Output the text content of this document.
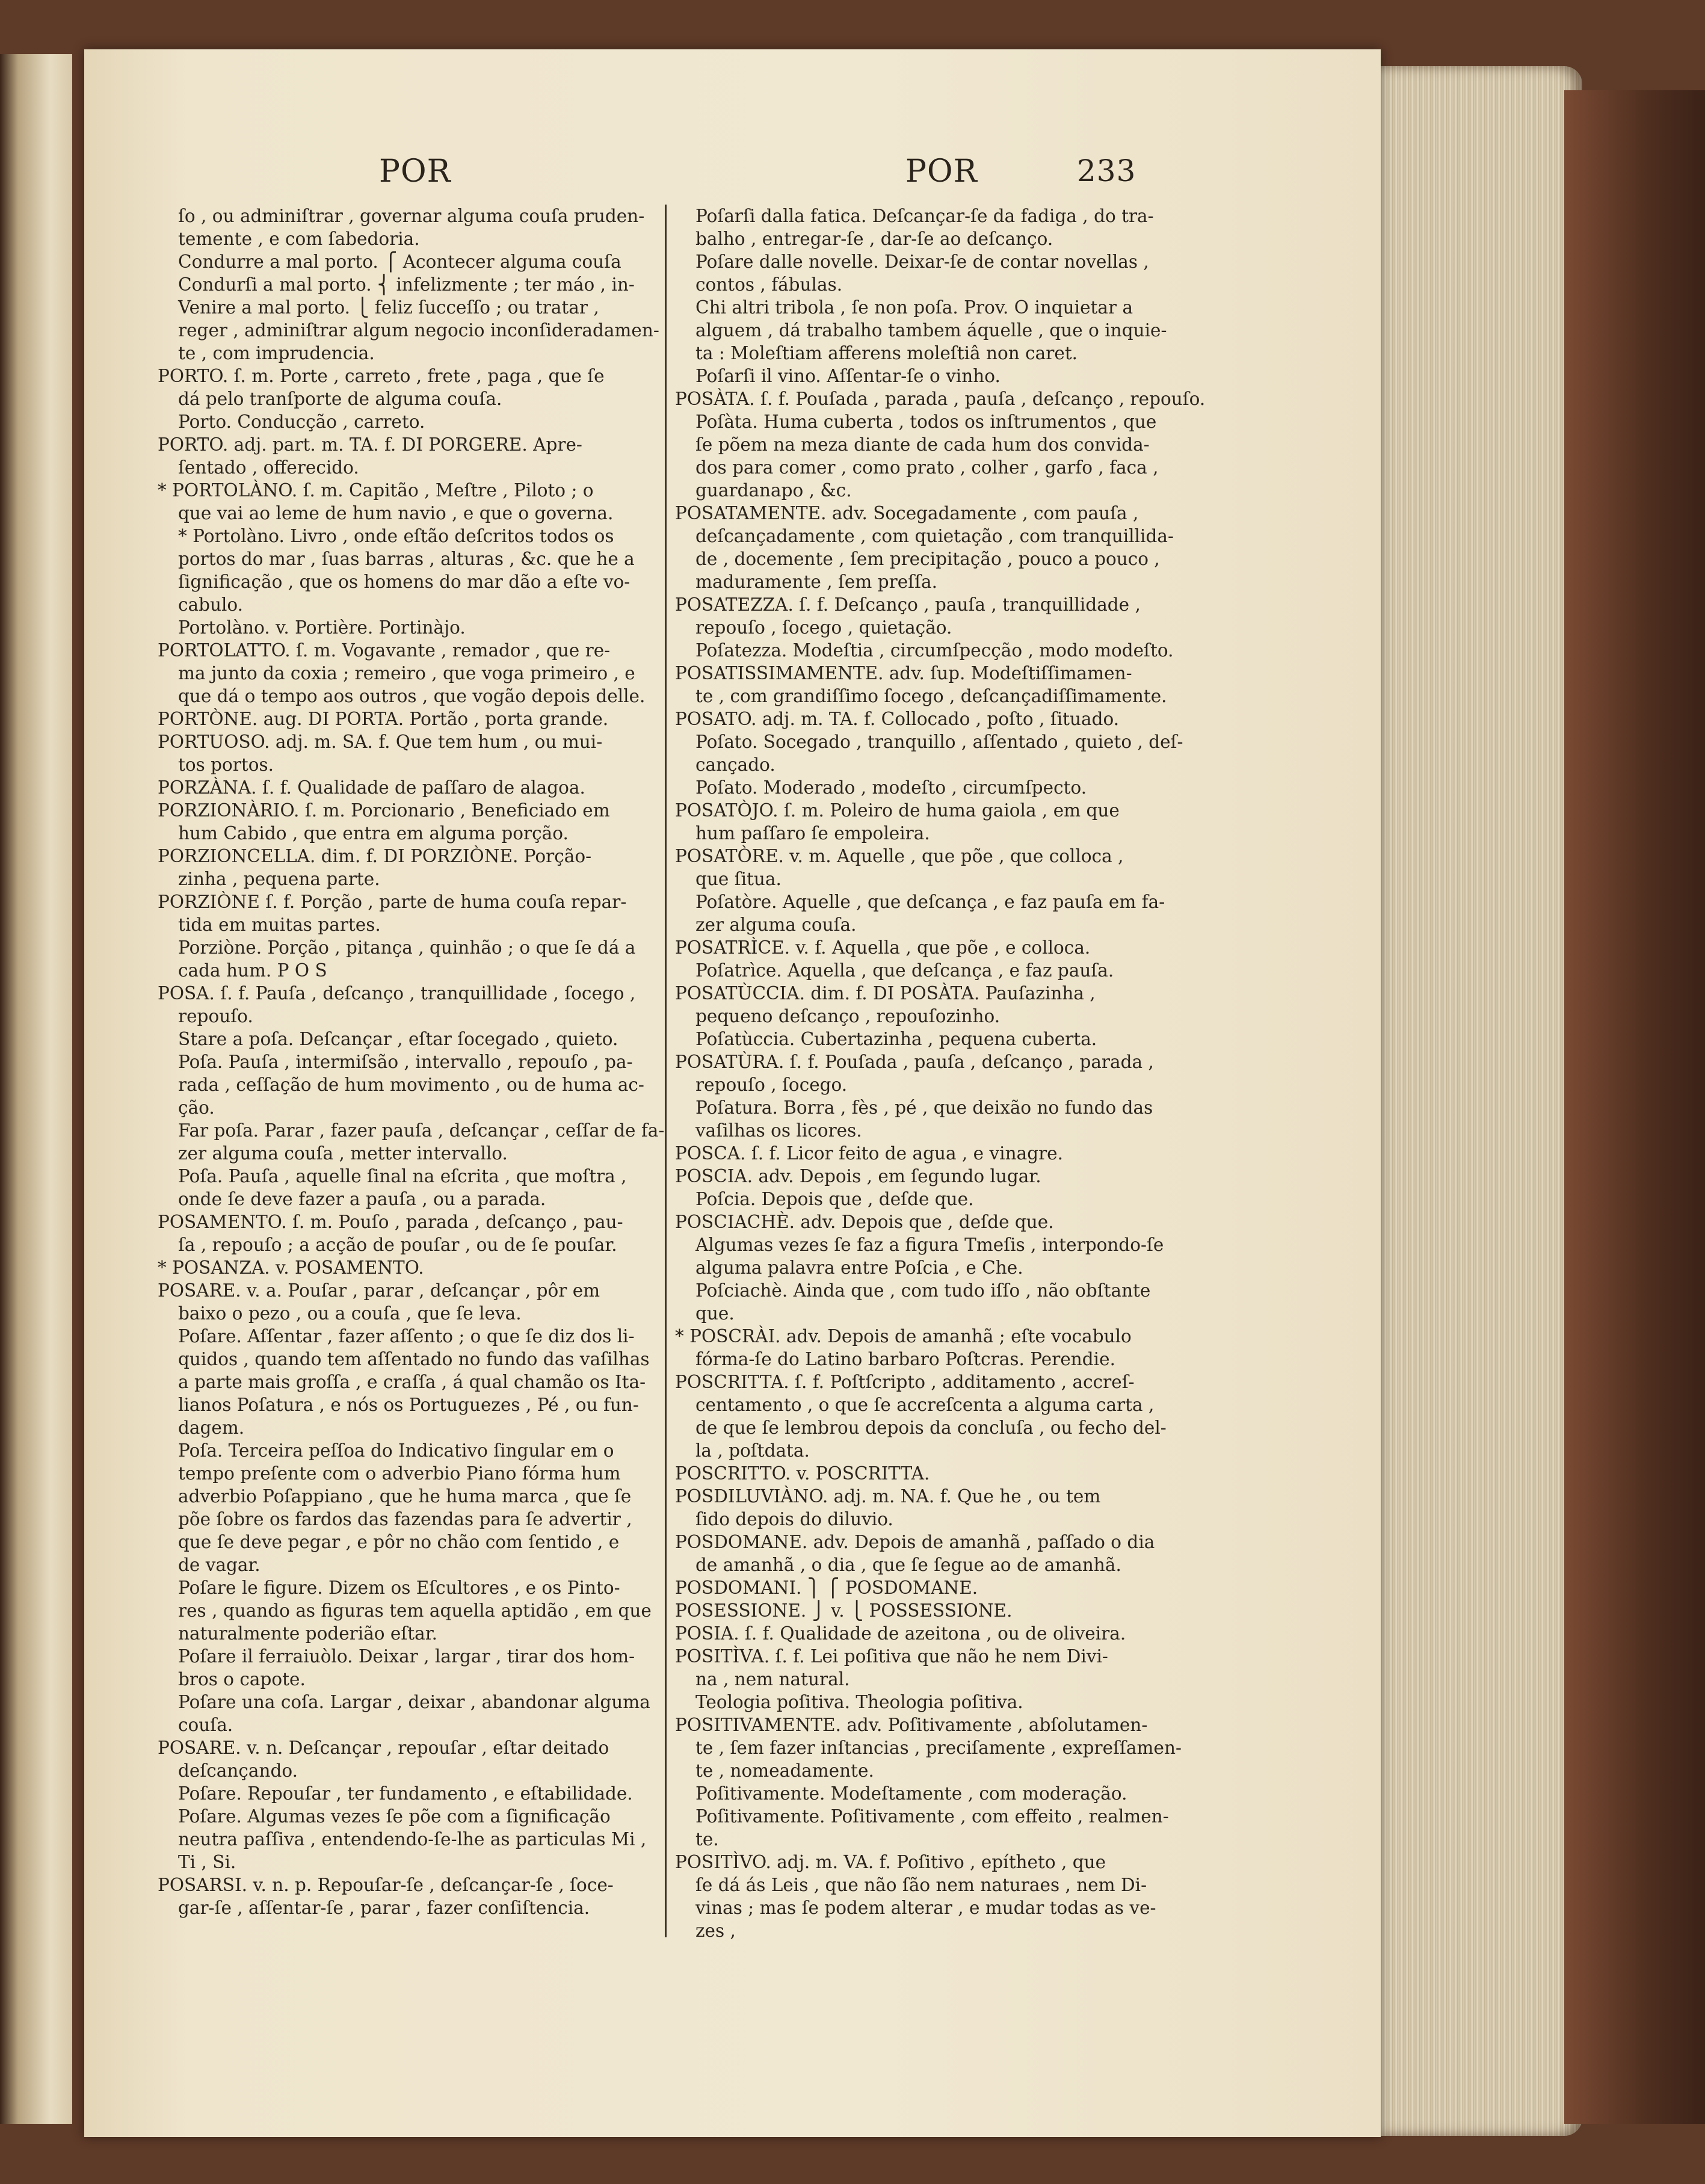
POR	POR	233

ſo , ou adminiſtrar , governar alguma couſa pruden-

temente , e com ſabedoria.

Condurre a mal porto. ⎧ Acontecer alguma couſa

Condurſi a mal porto. ⎨ infelizmente ; ter máo , in-

Venire a mal porto. ⎩ feliz ſucceſſo ; ou tratar ,

reger , adminiſtrar algum negocio inconſideradamen-

te , com imprudencia.

PORTO. ſ. m. Porte , carreto , frete , paga , que ſe

dá pelo tranſporte de alguma couſa.

Porto. Conducção , carreto.

PORTO. adj. part. m. TA. f. DI PORGERE. Apre-

ſentado , offerecido.

* PORTOLÀNO. ſ. m. Capitão , Meſtre , Piloto ; o

que vai ao leme de hum navio , e que o governa.

* Portolàno. Livro , onde eſtão deſcritos todos os

portos do mar , ſuas barras , alturas , &c. que he a

ſignificação , que os homens do mar dão a eſte vo-

cabulo.

Portolàno. v. Portière. Portinàjo.

PORTOLATTO. ſ. m. Vogavante , remador , que re-

ma junto da coxia ; remeiro , que voga primeiro , e

que dá o tempo aos outros , que vogão depois delle.

PORTÒNE. aug. DI PORTA. Portão , porta grande.

PORTUOSO. adj. m. SA. f. Que tem hum , ou mui-

tos portos.

PORZÀNA. ſ. f. Qualidade de paſſaro de alagoa.

PORZIONÀRIO. ſ. m. Porcionario , Beneficiado em

hum Cabido , que entra em alguma porção.

PORZIONCELLA. dim. f. DI PORZIÒNE. Porção-

zinha , pequena parte.

PORZIÒNE ſ. f. Porção , parte de huma couſa repar-

tida em muitas partes.

Porziòne. Porção , pitança , quinhão ; o que ſe dá a

cada hum. P O S

POSA. ſ. f. Pauſa , deſcanço , tranquillidade , ſocego ,

repouſo.

Stare a poſa. Deſcançar , eſtar ſocegado , quieto.

Poſa. Pauſa , intermiſsão , intervallo , repouſo , pa-

rada , ceſſação de hum movimento , ou de huma ac-

ção.

Far poſa. Parar , fazer pauſa , deſcançar , ceſſar de fa-

zer alguma couſa , metter intervallo.

Poſa. Pauſa , aquelle ſinal na eſcrita , que moſtra ,

onde ſe deve fazer a pauſa , ou a parada.

POSAMENTO. ſ. m. Pouſo , parada , deſcanço , pau-

ſa , repouſo ; a acção de pouſar , ou de ſe pouſar.

* POSANZA. v. POSAMENTO.

POSARE. v. a. Pouſar , parar , deſcançar , pôr em

baixo o pezo , ou a couſa , que ſe leva.

Poſare. Aſſentar , fazer aſſento ; o que ſe diz dos li-

quidos , quando tem aſſentado no fundo das vaſilhas

a parte mais groſſa , e craſſa , á qual chamão os Ita-

lianos Poſatura , e nós os Portuguezes , Pé , ou fun-

dagem.

Poſa. Terceira peſſoa do Indicativo ſingular em o

tempo preſente com o adverbio Piano fórma hum

adverbio Poſappiano , que he huma marca , que ſe

põe ſobre os fardos das fazendas para ſe advertir ,

que ſe deve pegar , e pôr no chão com ſentido , e

de vagar.

Poſare le figure. Dizem os Eſcultores , e os Pinto-

res , quando as figuras tem aquella aptidão , em que

naturalmente poderião eſtar.

Poſare il ferraiuòlo. Deixar , largar , tirar dos hom-

bros o capote.

Poſare una coſa. Largar , deixar , abandonar alguma

couſa.

POSARE. v. n. Deſcançar , repouſar , eſtar deitado

deſcançando.

Poſare. Repouſar , ter fundamento , e eſtabilidade.

Poſare. Algumas vezes ſe põe com a ſignificação

neutra paſſiva , entendendo-ſe-lhe as particulas Mi ,

Ti , Si.

POSARSI. v. n. p. Repouſar-ſe , deſcançar-ſe , ſoce-

gar-ſe , aſſentar-ſe , parar , fazer conſiſtencia.

Poſarſi dalla fatica. Deſcançar-ſe da fadiga , do tra-

balho , entregar-ſe , dar-ſe ao deſcanço.

Poſare dalle novelle. Deixar-ſe de contar novellas ,

contos , fábulas.

Chi altri tribola , ſe non poſa. Prov. O inquietar a

alguem , dá trabalho tambem áquelle , que o inquie-

ta : Moleſtiam afferens moleſtiâ non caret.

Poſarſi il vino. Aſſentar-ſe o vinho.

POSÀTA. ſ. f. Pouſada , parada , pauſa , deſcanço , repouſo.

Poſàta. Huma cuberta , todos os inſtrumentos , que

ſe põem na meza diante de cada hum dos convida-

dos para comer , como prato , colher , garfo , faca ,

guardanapo , &c.

POSATAMENTE. adv. Socegadamente , com pauſa ,

deſcançadamente , com quietação , com tranquillida-

de , docemente , ſem precipitação , pouco a pouco ,

maduramente , ſem preſſa.

POSATEZZA. ſ. f. Deſcanço , pauſa , tranquillidade ,

repouſo , ſocego , quietação.

Poſatezza. Modeſtia , circumſpecção , modo modeſto.

POSATISSIMAMENTE. adv. ſup. Modeſtiſſimamen-

te , com grandiſſimo ſocego , deſcançadiſſimamente.

POSATO. adj. m. TA. f. Collocado , poſto , ſituado.

Poſato. Socegado , tranquillo , aſſentado , quieto , deſ-

cançado.

Poſato. Moderado , modeſto , circumſpecto.

POSATÒJO. ſ. m. Poleiro de huma gaiola , em que

hum paſſaro ſe empoleira.

POSATÒRE. v. m. Aquelle , que põe , que colloca ,

que ſitua.

Poſatòre. Aquelle , que deſcança , e faz pauſa em fa-

zer alguma couſa.

POSATRÌCE. v. f. Aquella , que põe , e colloca.

Poſatrìce. Aquella , que deſcança , e faz pauſa.

POSATÙCCIA. dim. f. DI POSÀTA. Pauſazinha ,

pequeno deſcanço , repouſozinho.

Poſatùccia. Cubertazinha , pequena cuberta.

POSATÙRA. ſ. f. Pouſada , pauſa , deſcanço , parada ,

repouſo , ſocego.

Poſatura. Borra , fès , pé , que deixão no fundo das

vaſilhas os licores.

POSCA. ſ. f. Licor feito de agua , e vinagre.

POSCIA. adv. Depois , em ſegundo lugar.

Poſcia. Depois que , deſde que.

POSCIACHÈ. adv. Depois que , deſde que.

Algumas vezes ſe faz a figura Tmeſis , interpondo-ſe

alguma palavra entre Poſcia , e Che.

Poſciachè. Ainda que , com tudo iſſo , não obſtante

que.

* POSCRÀI. adv. Depois de amanhã ; eſte vocabulo

fórma-ſe do Latino barbaro Poſtcras. Perendie.

POSCRITTA. ſ. f. Poſtſcripto , additamento , accreſ-

centamento , o que ſe accreſcenta a alguma carta ,

de que ſe lembrou depois da concluſa , ou fecho del-

la , poſtdata.

POSCRITTO. v. POSCRITTA.

POSDILUVIÀNO. adj. m. NA. f. Que he , ou tem

ſido depois do diluvio.

POSDOMANE. adv. Depois de amanhã , paſſado o dia

de amanhã , o dia , que ſe ſegue ao de amanhã.

POSDOMANI. ⎫ ⎧ POSDOMANE.

POSESSIONE. ⎭ v. ⎩ POSSESSIONE.

POSIA. ſ. f. Qualidade de azeitona , ou de oliveira.

POSITÌVA. ſ. f. Lei poſitiva que não he nem Divi-

na , nem natural.

Teologia poſitiva. Theologia poſitiva.

POSITIVAMENTE. adv. Poſitivamente , abſolutamen-

te , ſem fazer inſtancias , preciſamente , expreſſamen-

te , nomeadamente.

Poſitivamente. Modeſtamente , com moderação.

Poſitivamente. Poſitivamente , com effeito , realmen-

te.

POSITÌVO. adj. m. VA. f. Poſitivo , epítheto , que

ſe dá ás Leis , que não ſão nem naturaes , nem Di-

vinas ; mas ſe podem alterar , e mudar todas as ve-

zes ,
